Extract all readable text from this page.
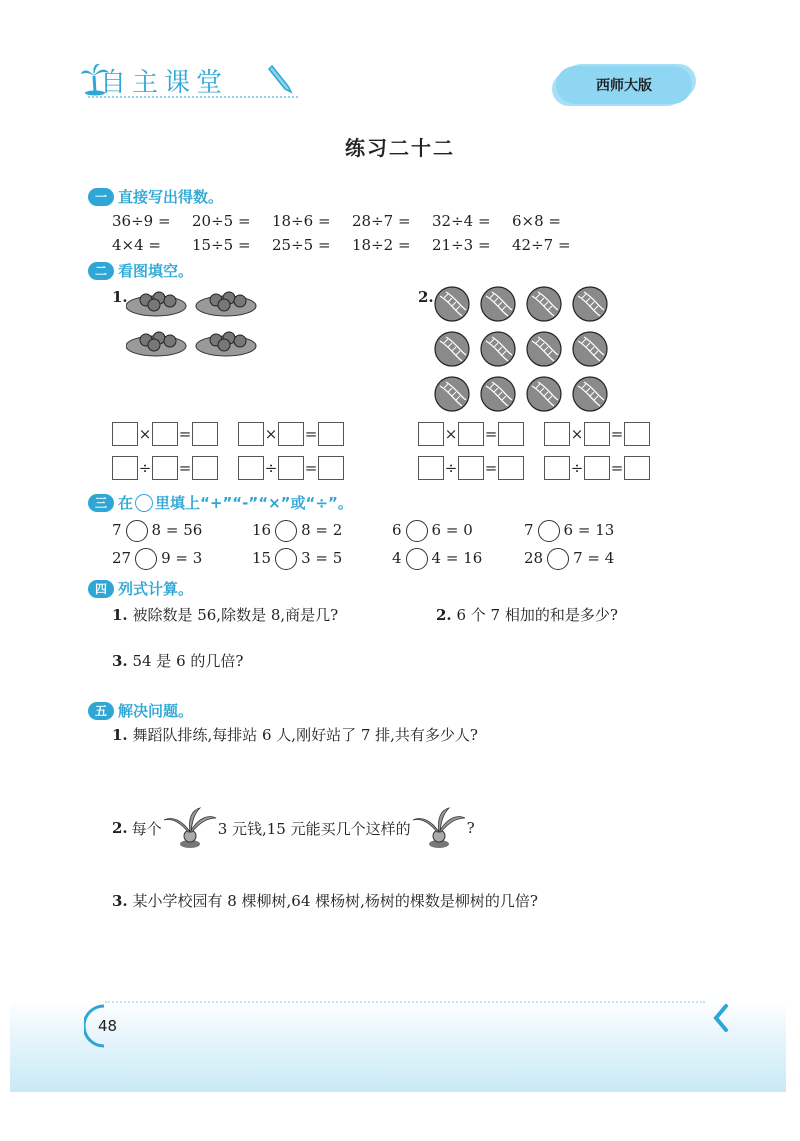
自主课堂	西师大版
练习二十二
一 直接写出得数。
36÷9 = 20÷5 = 18÷6 = 28÷7 = 32÷4 = 6×8 =
4×4 = 15÷5 = 25÷5 = 18÷2 = 21÷3 = 42÷7 =
二 看图填空。
1.	2.
× =	× =
÷ =	÷ =
× =	× =
÷ =	÷ =
三 在 里填上“+”“-”“×”或“÷”。
7 8 = 56	16 8 = 2	6 6 = 0	7 6 = 13
27 9 = 3	15 3 = 5	4 4 = 16	28 7 = 4
四 列式计算。
1. 被除数是 56,除数是 8,商是几?	2. 6 个 7 相加的和是多少?
3. 54 是 6 的几倍?
五 解决问题。
1. 舞蹈队排练,每排站 6 人,刚好站了 7 排,共有多少人?
2. 每个	3 元钱,15 元能买几个这样的	?
3. 某小学校园有 8 棵柳树,64 棵杨树,杨树的棵数是柳树的几倍?
48
